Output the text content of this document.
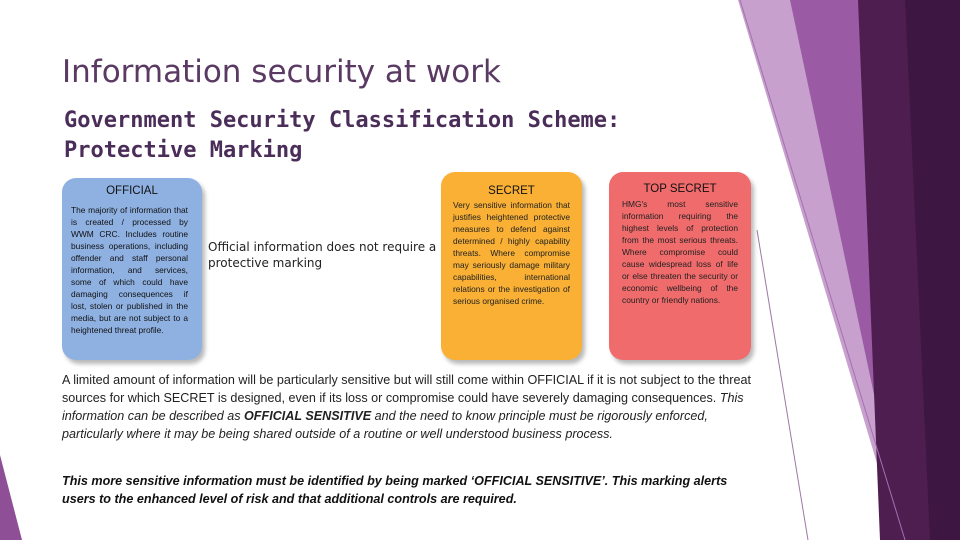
Information security at work
Government Security Classification Scheme: Protective Marking
OFFICIAL
The majority of information that is created / processed by WWM CRC. Includes routine business operations, including offender and staff personal information, and services, some of which could have damaging consequences if lost, stolen or published in the media, but are not subject to a heightened threat profile.
Official information does not require a protective marking
SECRET
Very sensitive information that justifies heightened protective measures to defend against determined / highly capability threats. Where compromise may seriously damage military capabilities, international relations or the investigation of serious organised crime.
TOP SECRET
HMG's most sensitive information requiring the highest levels of protection from the most serious threats. Where compromise could cause widespread loss of life or else threaten the security or economic wellbeing of the country or friendly nations.

A limited amount of information will be particularly sensitive but will still come within OFFICIAL if it is not subject to the threat sources for which SECRET is designed, even if its loss or compromise could have severely damaging consequences. This information can be described as OFFICIAL SENSITIVE and the need to know principle must be rigorously enforced, particularly where it may be being shared outside of a routine or well understood business process.

This more sensitive information must be identified by being marked ‘OFFICIAL SENSITIVE’. This marking alerts users to the enhanced level of risk and that additional controls are required.
